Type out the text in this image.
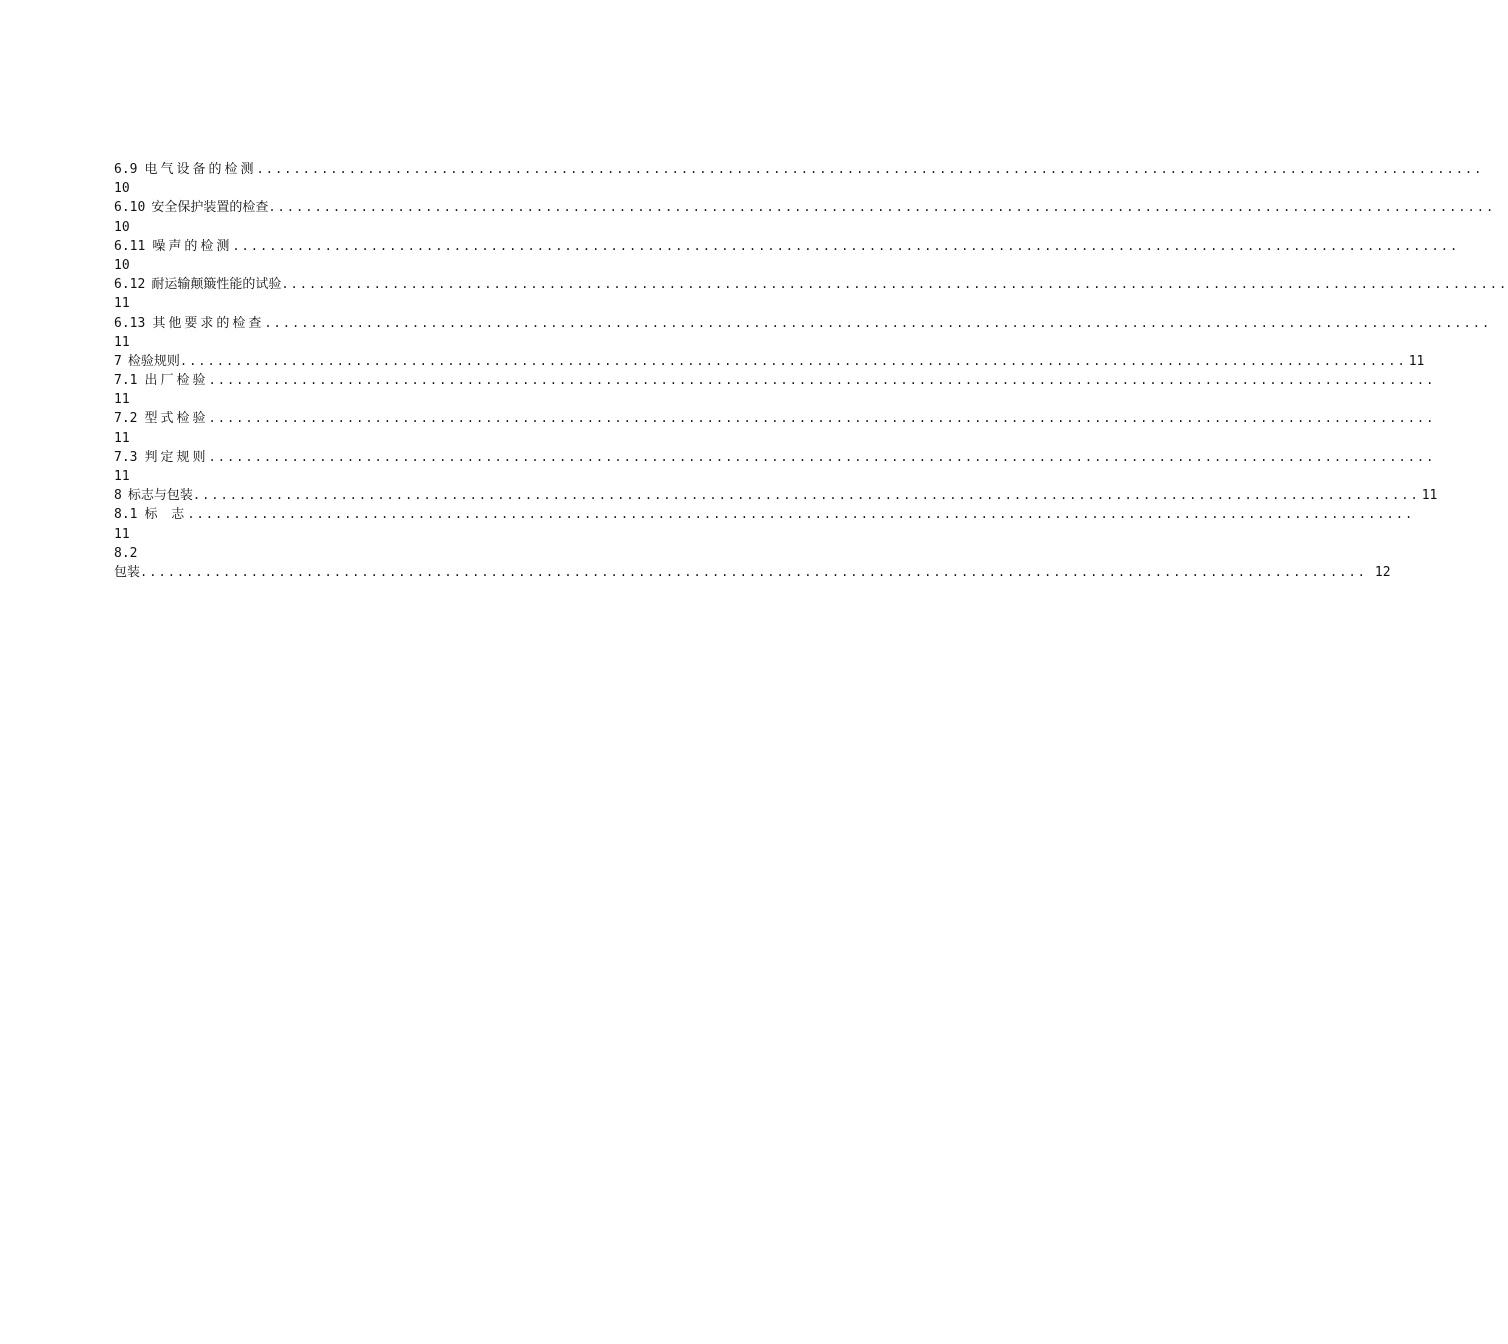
6.9 电气设备的检测 .....................................................................................................................................
10
6.10 安全保护装置的检查 .....................................................................................................................................
10
6.11 噪声的检测 .....................................................................................................................................
10
6.12 耐运输颠簸性能的试验 .....................................................................................................................................
11
6.13 其他要求的检查 .....................................................................................................................................
11
7 检验规则 ..................................................................................................................................... 11
7.1 出厂检验 .....................................................................................................................................
11
7.2 型式检验 .....................................................................................................................................
11
7.3 判定规则 .....................................................................................................................................
11
8 标志与包装 ..................................................................................................................................... 11
8.1 标 志 .....................................................................................................................................
11
8.2
包装 ..................................................................................................................................... 12
